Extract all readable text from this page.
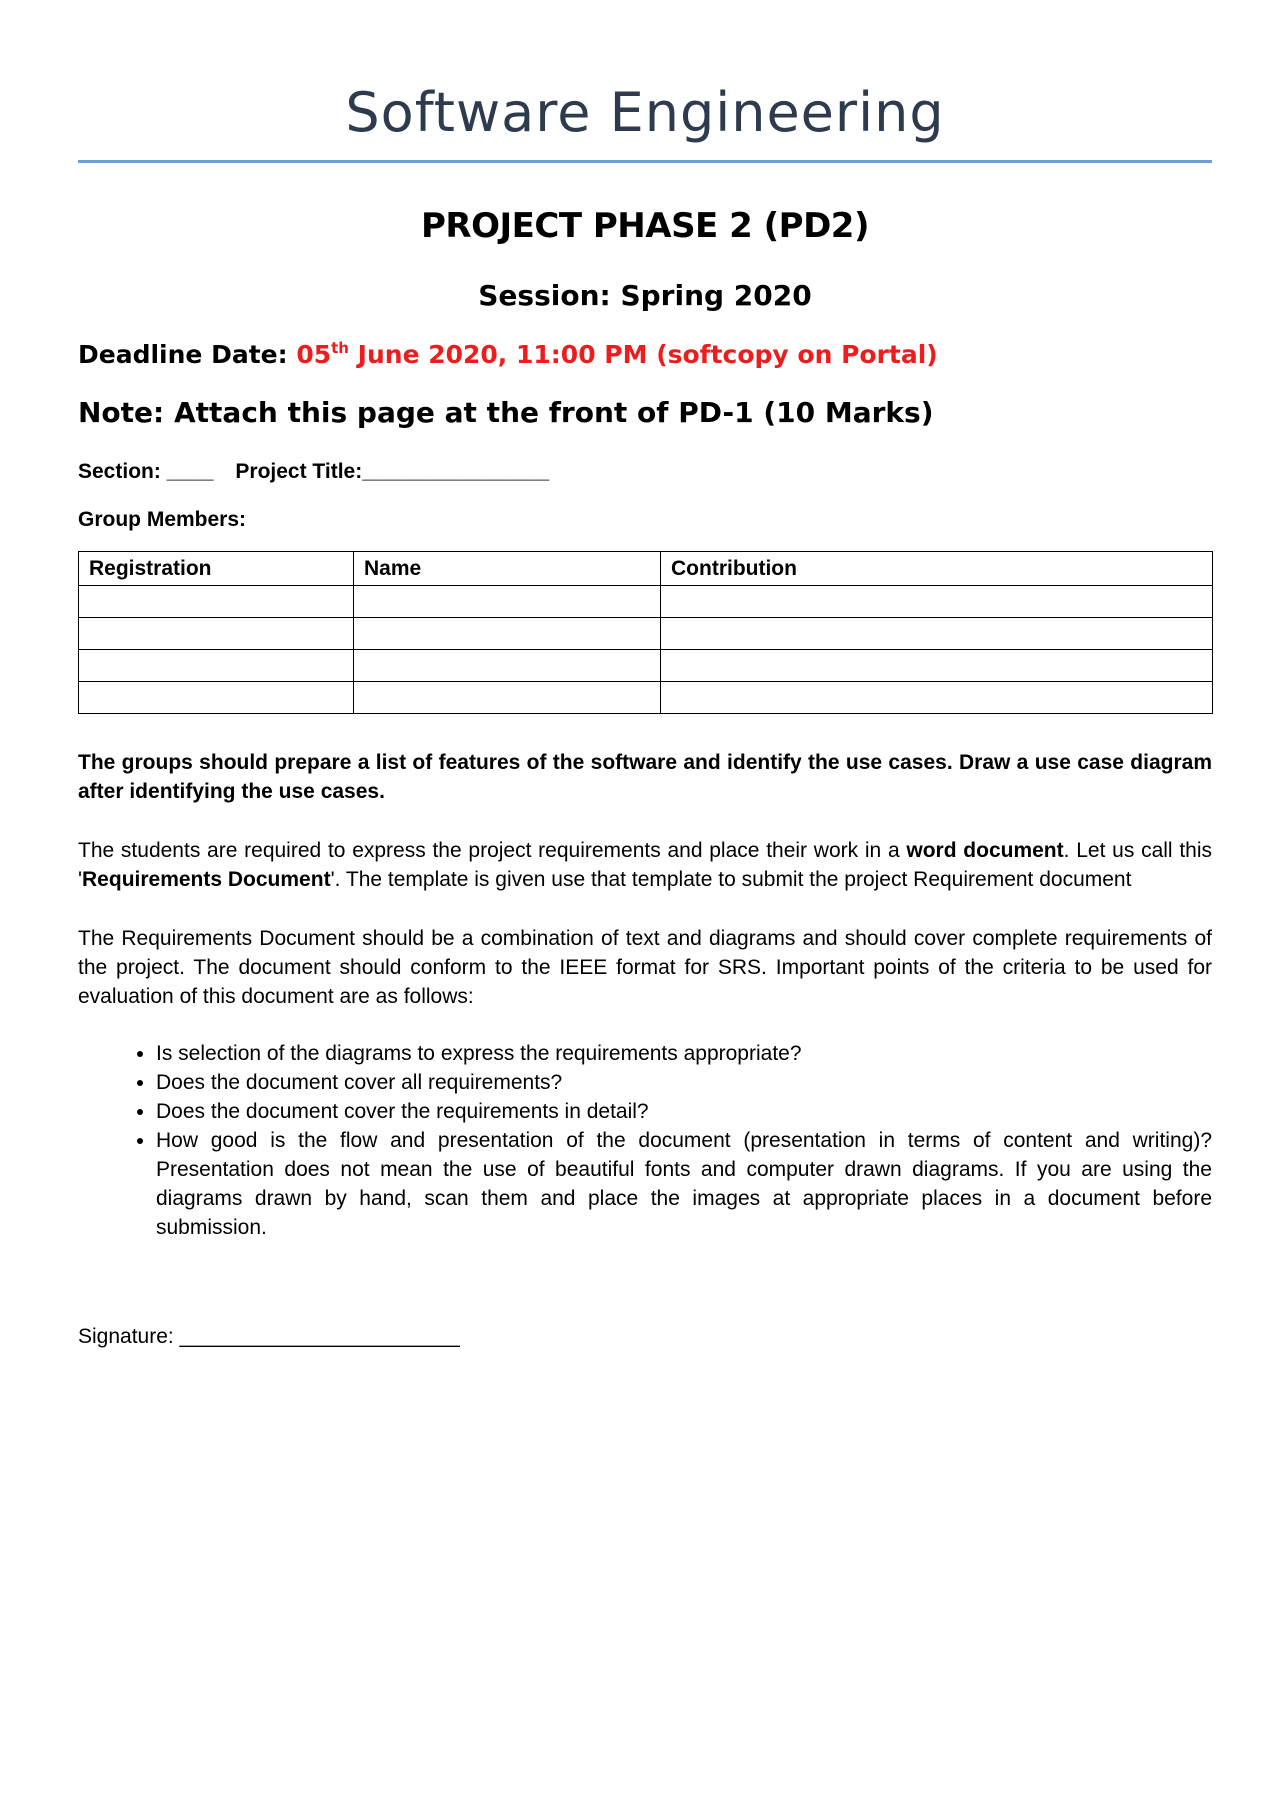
Software Engineering
PROJECT PHASE 2 (PD2)
Session: Spring 2020
Deadline Date: 05th June 2020, 11:00 PM (softcopy on Portal)
Note: Attach this page at the front of PD-1 (10 Marks)
Section: ____ Project Title:________________
Group Members:
Registration	Name	Contribution

The groups should prepare a list of features of the software and identify the use cases. Draw a use case diagram after identifying the use cases.
The students are required to express the project requirements and place their work in a word document. Let us call this 'Requirements Document'. The template is given use that template to submit the project Requirement document
The Requirements Document should be a combination of text and diagrams and should cover complete requirements of the project. The document should conform to the IEEE format for SRS. Important points of the criteria to be used for evaluation of this document are as follows:
• Is selection of the diagrams to express the requirements appropriate?
• Does the document cover all requirements?
• Does the document cover the requirements in detail?
• How good is the flow and presentation of the document (presentation in terms of content and writing)? Presentation does not mean the use of beautiful fonts and computer drawn diagrams. If you are using the diagrams drawn by hand, scan them and place the images at appropriate places in a document before submission.
Signature: ________________________
